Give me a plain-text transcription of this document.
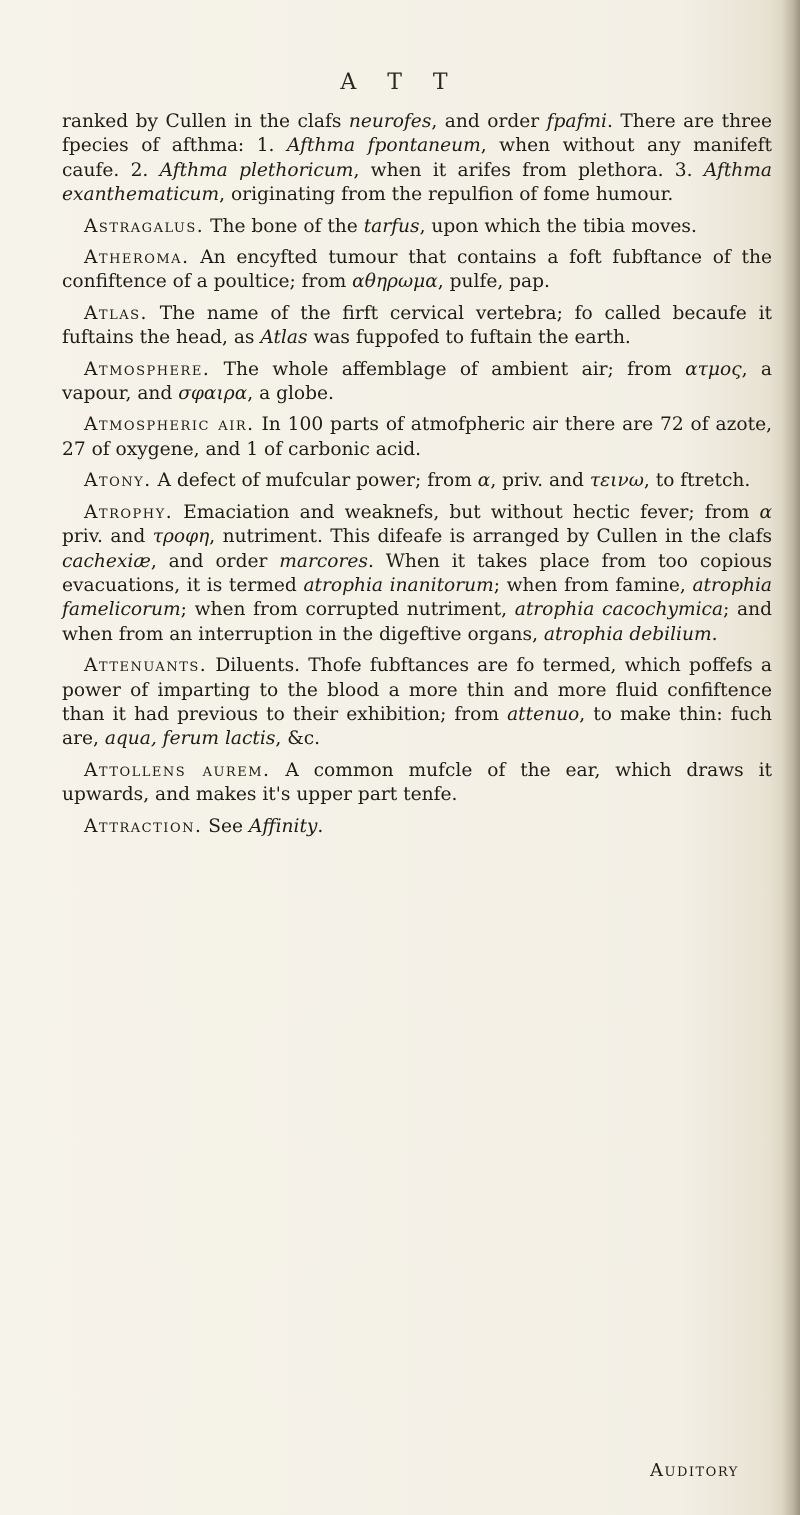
A T T

ranked by Cullen in the clafs neurofes, and order fpafmi. There are three fpecies of afthma: 1. Afthma fpontaneum, when without any manifeft caufe. 2. Afthma plethoricum, when it arifes from plethora. 3. Afthma exanthematicum, originating from the repulfion of fome humour.

Astragalus. The bone of the tarfus, upon which the tibia moves.

Atheroma. An encyfted tumour that contains a foft fubftance of the confiftence of a poultice; from αθηρωμα, pulfe, pap.

Atlas. The name of the firft cervical vertebra; fo called becaufe it fuftains the head, as Atlas was fuppofed to fuftain the earth.

Atmosphere. The whole affemblage of ambient air; from ατμος, a vapour, and σφαιρα, a globe.

Atmospheric air. In 100 parts of atmofpheric air there are 72 of azote, 27 of oxygene, and 1 of carbonic acid.

Atony. A defect of mufcular power; from α, priv. and τεινω, to ftretch.

Atrophy. Emaciation and weaknefs, but without hectic fever; from α priv. and τροφη, nutriment. This difeafe is arranged by Cullen in the clafs cachexiæ, and order marcores. When it takes place from too copious evacuations, it is termed atrophia inanitorum; when from famine, atrophia famelicorum; when from corrupted nutriment, atrophia cacochymica; and when from an interruption in the digeftive organs, atrophia debilium.

Attenuants. Diluents. Thofe fubftances are fo termed, which poffefs a power of imparting to the blood a more thin and more fluid confiftence than it had previous to their exhibition; from attenuo, to make thin: fuch are, aqua, ferum lactis, &c.

Attollens aurem. A common mufcle of the ear, which draws it upwards, and makes it's upper part tenfe.

Attraction. See Affinity.

Auditory
